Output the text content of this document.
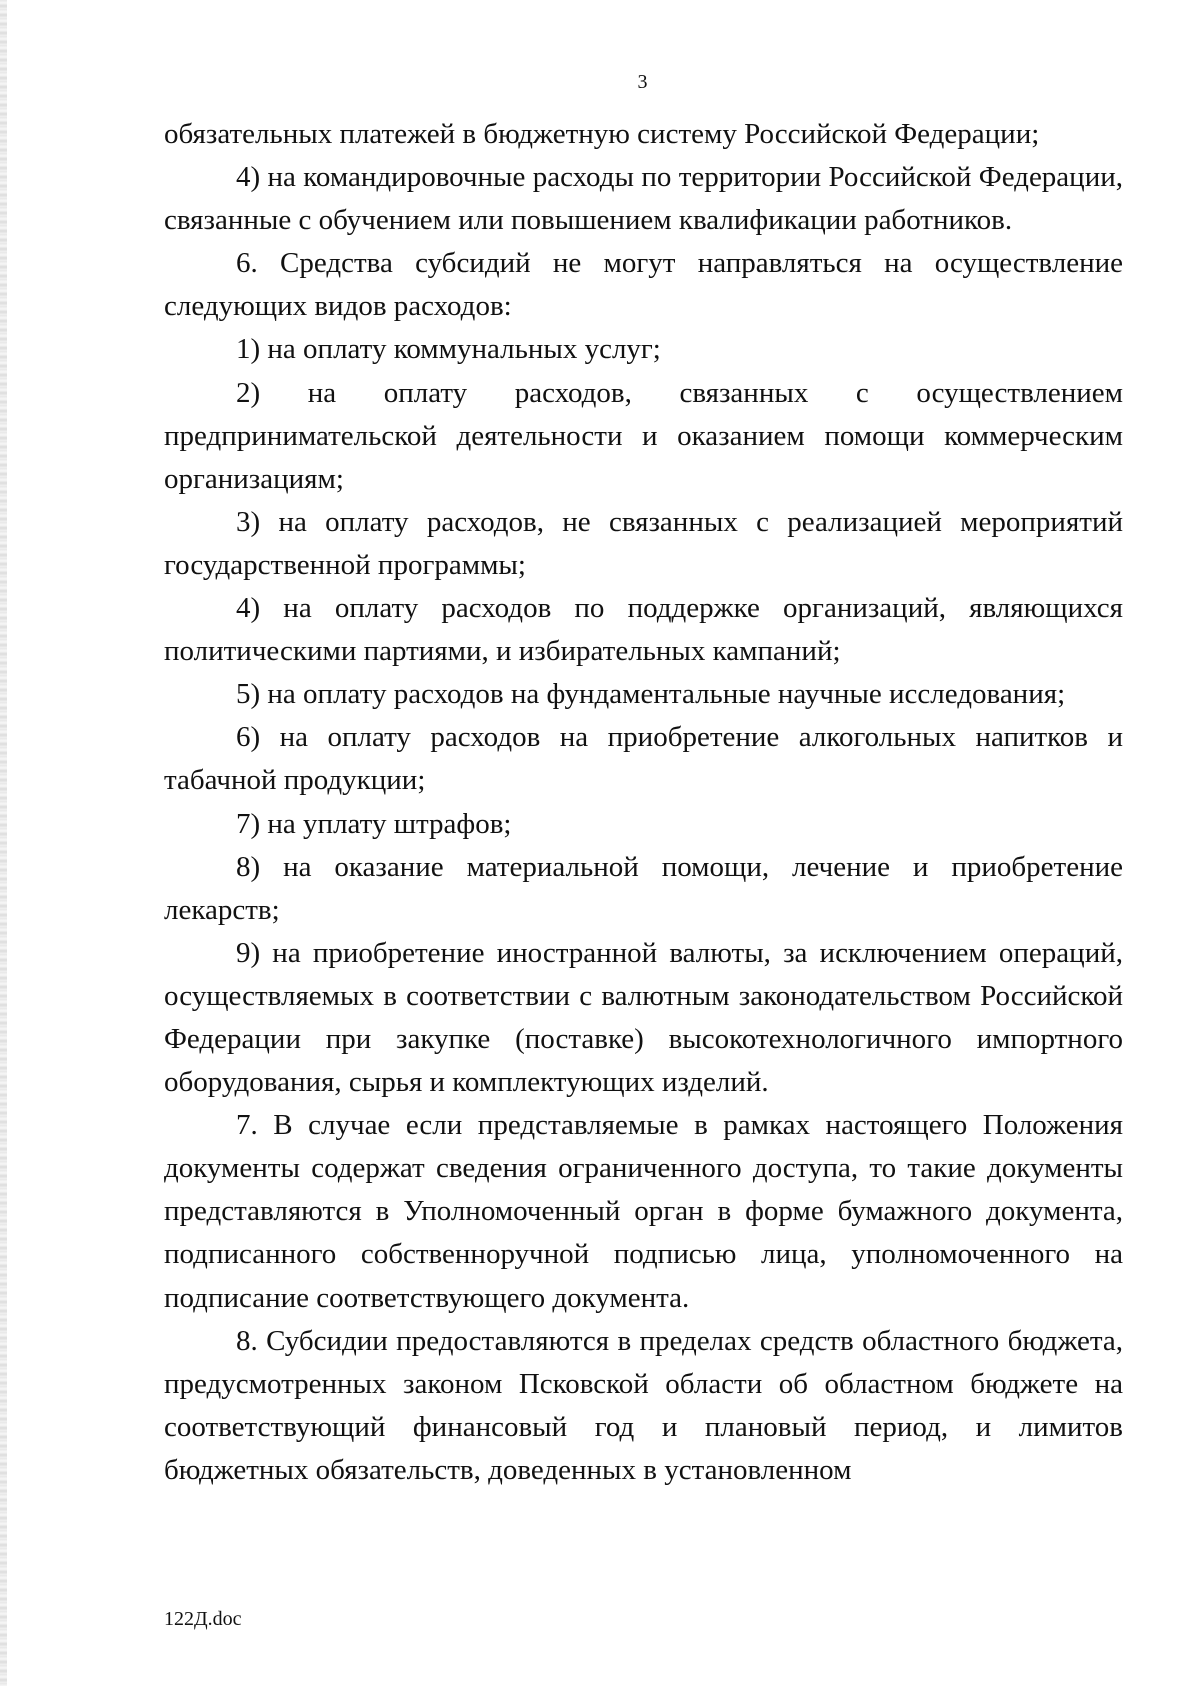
3

обязательных платежей в бюджетную систему Российской Федерации;

4) на командировочные расходы по территории Российской Федерации, связанные с обучением или повышением квалификации работников.

6. Средства субсидий не могут направляться на осуществление следующих видов расходов:

1) на оплату коммунальных услуг;

2) на оплату расходов, связанных с осуществлением предпринимательской деятельности и оказанием помощи коммерческим организациям;

3) на оплату расходов, не связанных с реализацией мероприятий государственной программы;

4) на оплату расходов по поддержке организаций, являющихся политическими партиями, и избирательных кампаний;

5) на оплату расходов на фундаментальные научные исследования;

6) на оплату расходов на приобретение алкогольных напитков и табачной продукции;

7) на уплату штрафов;

8) на оказание материальной помощи, лечение и приобретение лекарств;

9) на приобретение иностранной валюты, за исключением операций, осуществляемых в соответствии с валютным законодательством Российской Федерации при закупке (поставке) высокотехнологичного импортного оборудования, сырья и комплектующих изделий.

7. В случае если представляемые в рамках настоящего Положения документы содержат сведения ограниченного доступа, то такие документы представляются в Уполномоченный орган в форме бумажного документа, подписанного собственноручной подписью лица, уполномоченного на подписание соответствующего документа.

8. Субсидии предоставляются в пределах средств областного бюджета, предусмотренных законом Псковской области об областном бюджете на соответствующий финансовый год и плановый период, и лимитов бюджетных обязательств, доведенных в установленном

122Д.doc
